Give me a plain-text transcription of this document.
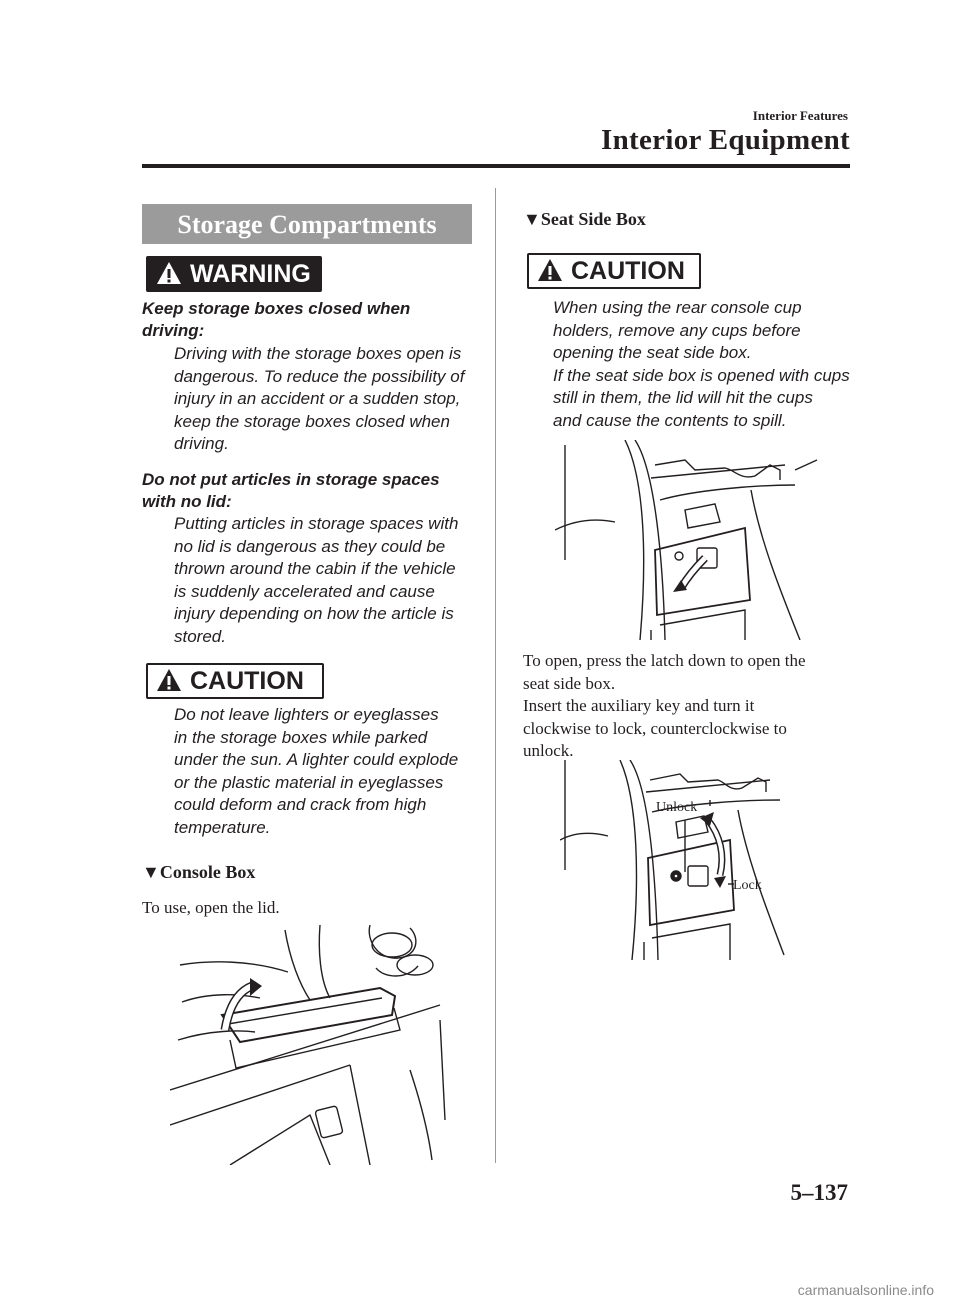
Interior Features
Interior Equipment
Storage Compartments
WARNING
Keep storage boxes closed when
driving:
Driving with the storage boxes open is
dangerous. To reduce the possibility of
injury in an accident or a sudden stop,
keep the storage boxes closed when
driving.
Do not put articles in storage spaces
with no lid:
Putting articles in storage spaces with
no lid is dangerous as they could be
thrown around the cabin if the vehicle
is suddenly accelerated and cause
injury depending on how the article is
stored.
CAUTION
Do not leave lighters or eyeglasses
in the storage boxes while parked
under the sun. A lighter could explode
or the plastic material in eyeglasses
could deform and crack from high
temperature.
▼Console Box
To use, open the lid.
▼Seat Side Box
CAUTION
When using the rear console cup
holders, remove any cups before
opening the seat side box.
If the seat side box is opened with cups
still in them, the lid will hit the cups
and cause the contents to spill.
To open, press the latch down to open the
seat side box.
Insert the auxiliary key and turn it
clockwise to lock, counterclockwise to
unlock.
Unlock
Lock
5–137
carmanualsonline.info
